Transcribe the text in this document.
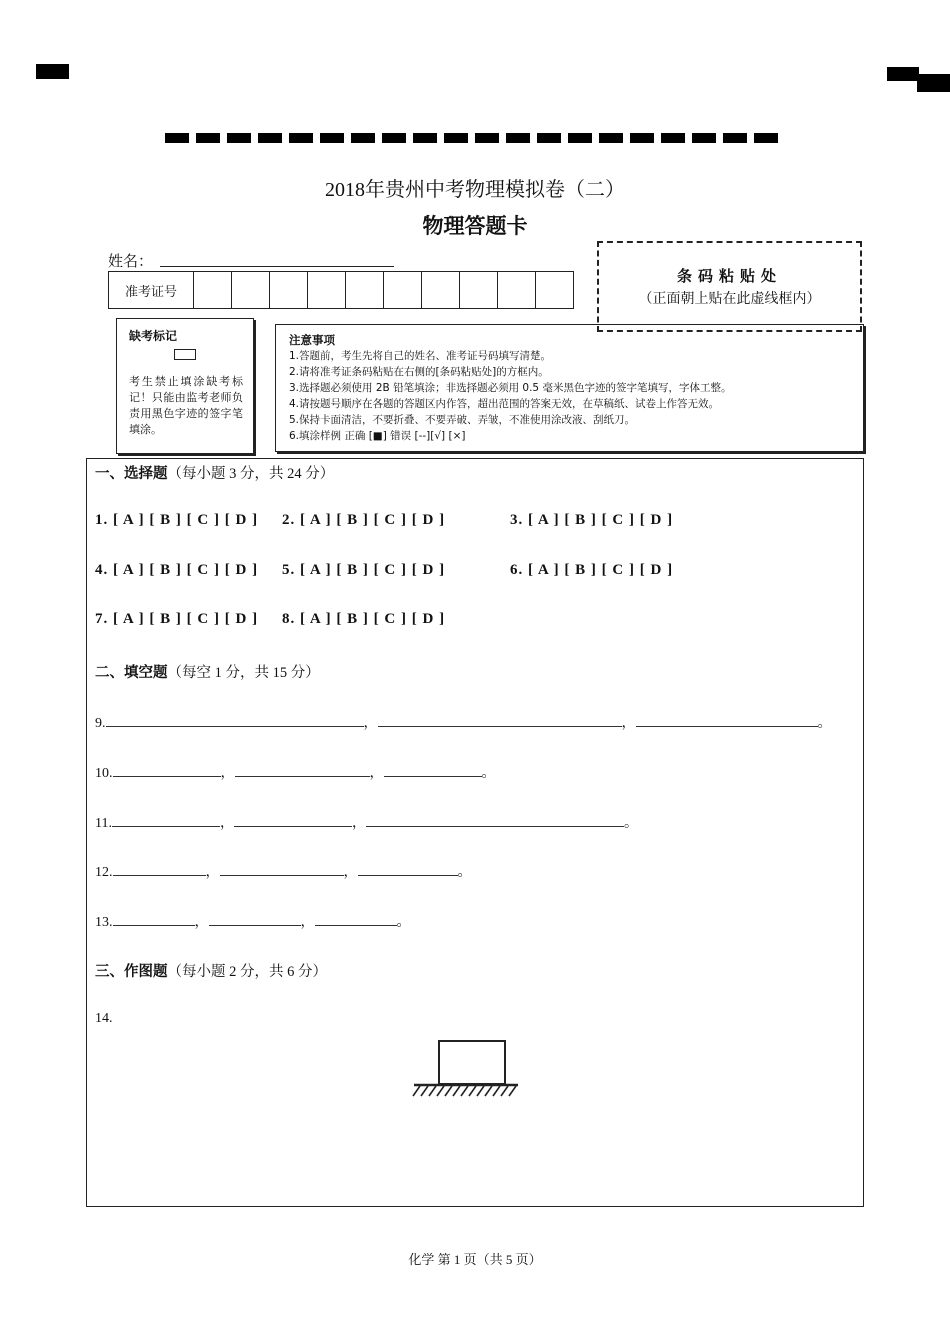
2018年贵州中考物理模拟卷（二）
物理答题卡
姓名：
准考证号
条码粘贴处
（正面朝上贴在此虚线框内）
缺考标记
考生禁止填涂缺考标记！只能由监考老师负责用黑色字迹的签字笔填涂。
注意事项
1.答题前，考生先将自己的姓名、准考证号码填写清楚。
2.请将准考证条码粘贴在右侧的[条码粘贴处]的方框内。
3.选择题必须使用 2B 铅笔填涂；非选择题必须用 0.5 毫米黑色字迹的签字笔填写，字体工整。
4.请按题号顺序在各题的答题区内作答，超出范围的答案无效，在草稿纸、试卷上作答无效。
5.保持卡面清洁，不要折叠、不要弄破、弄皱，不准使用涂改液、刮纸刀。
6.填涂样例 正确 [■] 错误 [--][√] [×]
一、选择题（每小题 3 分，共 24 分）
1. [ A ] [ B ] [ C ] [ D ] 2. [ A ] [ B ] [ C ] [ D ]	3. [ A ] [ B ] [ C ] [ D ]
4. [ A ] [ B ] [ C ] [ D ] 5. [ A ] [ B ] [ C ] [ D ]	6. [ A ] [ B ] [ C ] [ D ]
7. [ A ] [ B ] [ C ] [ D ] 8. [ A ] [ B ] [ C ] [ D ]
二、填空题（每空 1 分，共 15 分）
9.	，	，	。
10.	，	，	。
11.	，	，	。
12.	，	，	。
13.	，	，	。
三、作图题（每小题 2 分，共 6 分）
14.
化学 第 1 页（共 5 页）
